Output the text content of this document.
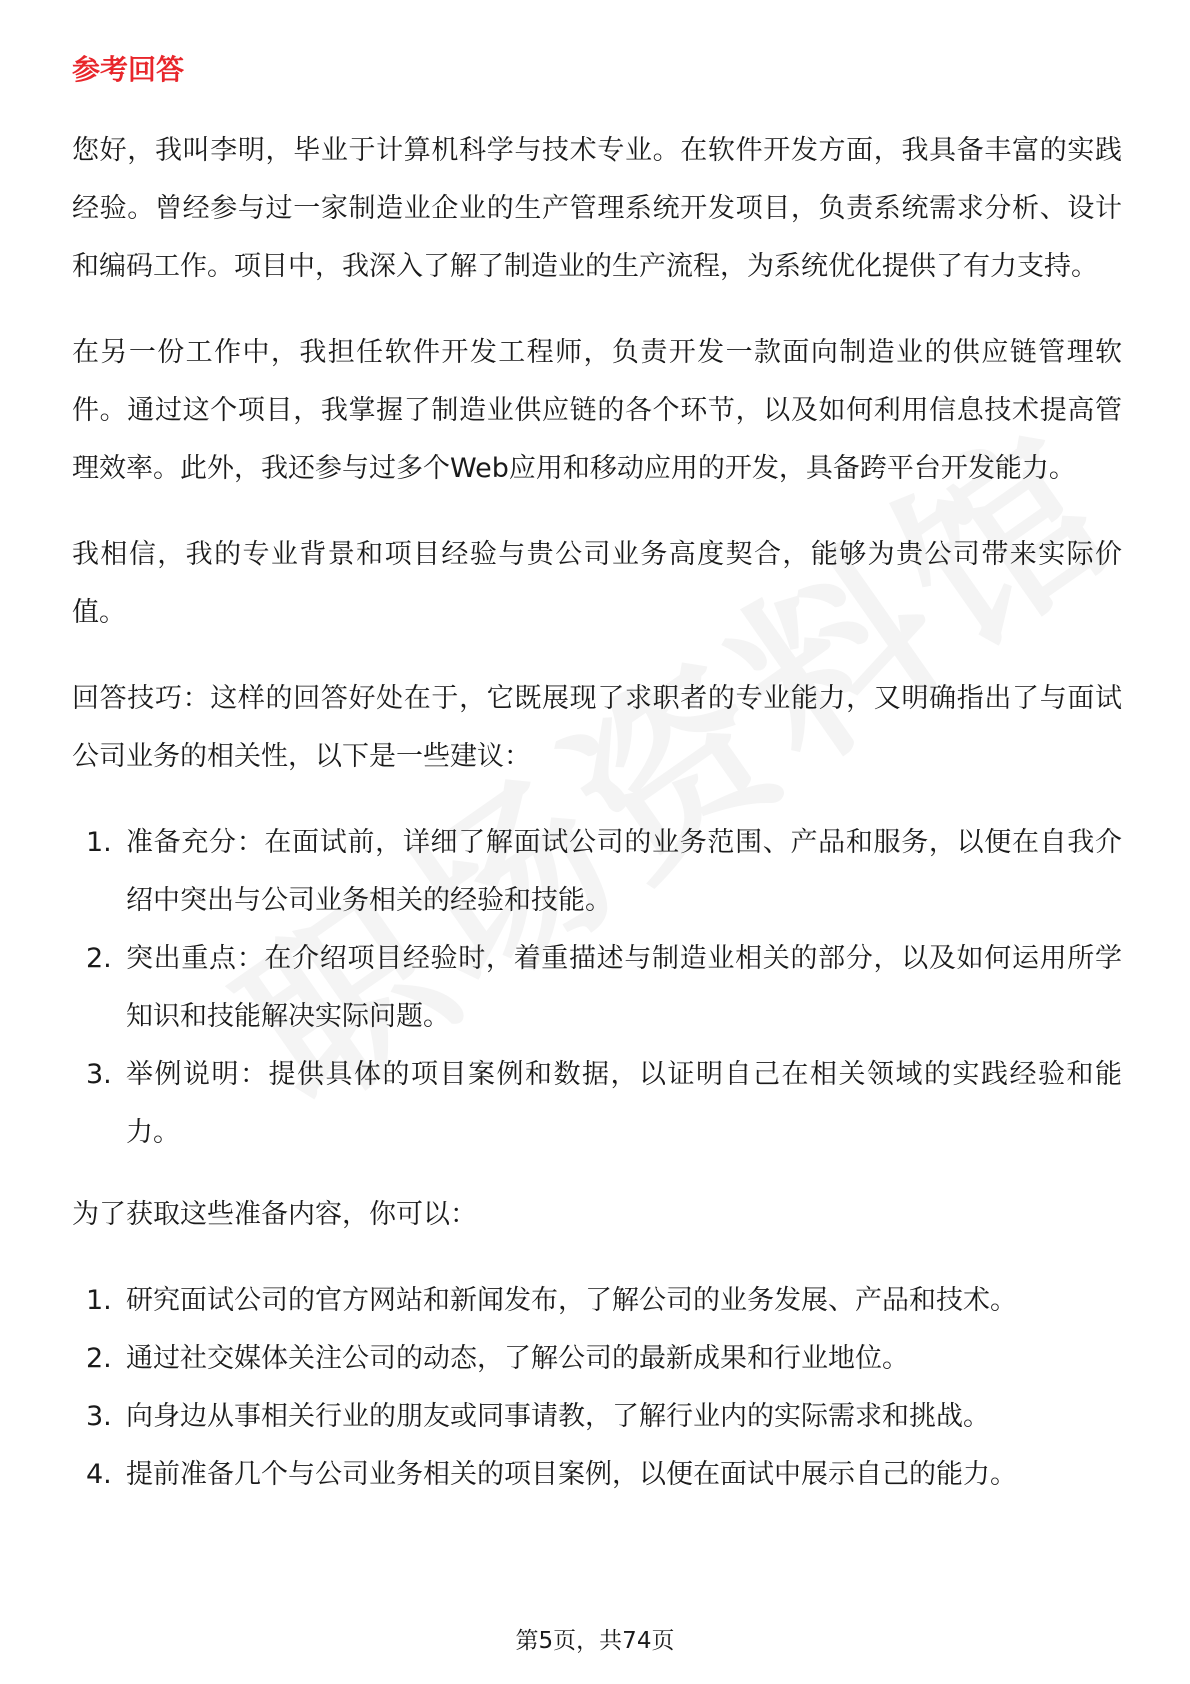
参考回答

您好，我叫李明，毕业于计算机科学与技术专业。在软件开发方面，我具备丰富的实践经验。曾经参与过一家制造业企业的生产管理系统开发项目，负责系统需求分析、设计和编码工作。项目中，我深入了解了制造业的生产流程，为系统优化提供了有力支持。

在另一份工作中，我担任软件开发工程师，负责开发一款面向制造业的供应链管理软件。通过这个项目，我掌握了制造业供应链的各个环节，以及如何利用信息技术提高管理效率。此外，我还参与过多个Web应用和移动应用的开发，具备跨平台开发能力。

我相信，我的专业背景和项目经验与贵公司业务高度契合，能够为贵公司带来实际价值。

回答技巧：这样的回答好处在于，它既展现了求职者的专业能力，又明确指出了与面试公司业务的相关性，以下是一些建议：

1. 准备充分：在面试前，详细了解面试公司的业务范围、产品和服务，以便在自我介绍中突出与公司业务相关的经验和技能。
2. 突出重点：在介绍项目经验时，着重描述与制造业相关的部分，以及如何运用所学知识和技能解决实际问题。
3. 举例说明：提供具体的项目案例和数据，以证明自己在相关领域的实践经验和能力。

为了获取这些准备内容，你可以：

1. 研究面试公司的官方网站和新闻发布，了解公司的业务发展、产品和技术。
2. 通过社交媒体关注公司的动态，了解公司的最新成果和行业地位。
3. 向身边从事相关行业的朋友或同事请教，了解行业内的实际需求和挑战。
4. 提前准备几个与公司业务相关的项目案例，以便在面试中展示自己的能力。
第5页，共74页
